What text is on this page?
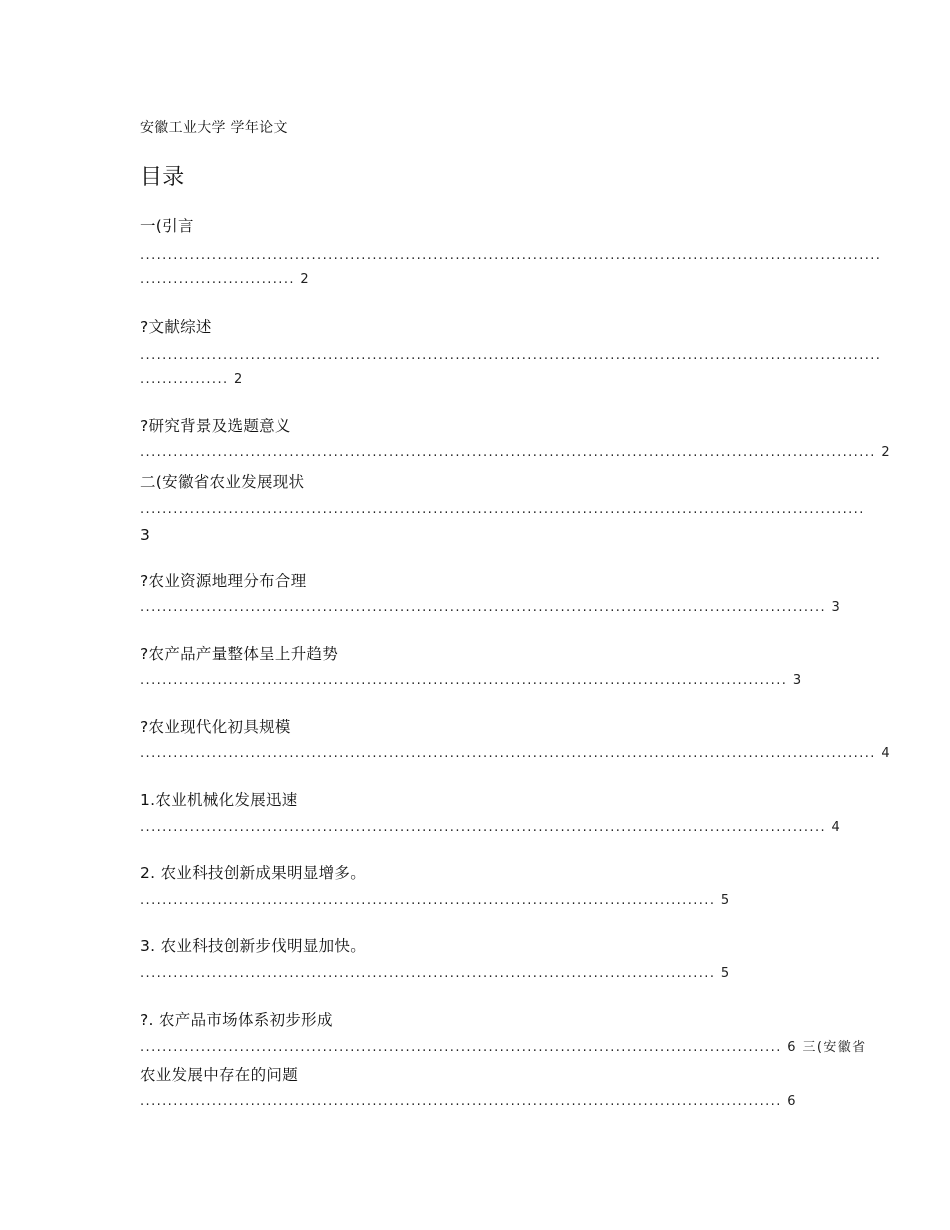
安徽工业大学 学年论文
目录
一(引言
......................................................................................................................................
............................ 2
?文献综述
......................................................................................................................................
................ 2
?研究背景及选题意义
..................................................................................................................................... 2
二(安徽省农业发展现状
...................................................................................................................................
3
?农业资源地理分布合理
............................................................................................................................ 3
?农产品产量整体呈上升趋势
..................................................................................................................... 3
?农业现代化初具规模
..................................................................................................................................... 4
1.农业机械化发展迅速
............................................................................................................................ 4
2. 农业科技创新成果明显增多。
........................................................................................................ 5
3. 农业科技创新步伐明显加快。
........................................................................................................ 5
?. 农产品市场体系初步形成
.................................................................................................................... 6 三(安徽省
农业发展中存在的问题
.................................................................................................................... 6
